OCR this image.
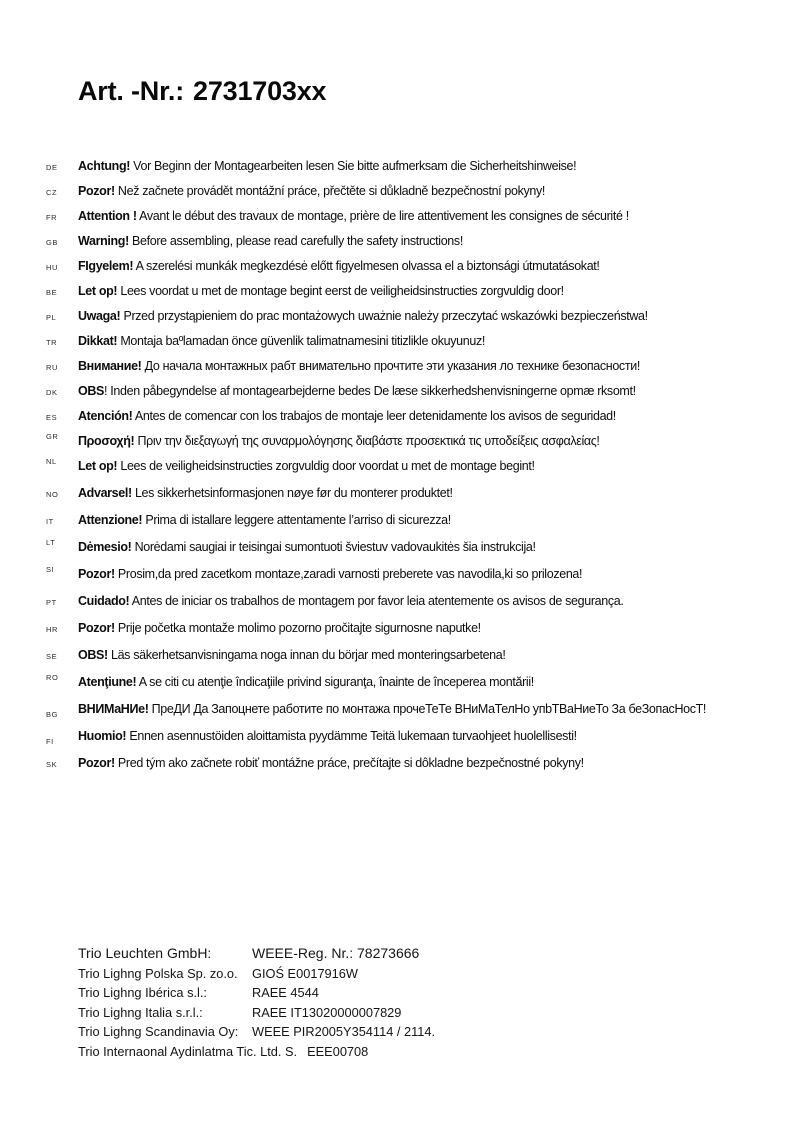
Art. -Nr.: 2731703xx
DE	Achtung! Vor Beginn der Montagearbeiten lesen Sie bitte aufmerksam die Sicherheitshinweise!

CZ	Pozor! Než začnete provádět montážní práce, přečtěte si důkladně bezpečnostní pokyny!

FR	Attention ! Avant le début des travaux de montage, prière de lire attentivement les consignes de sécurité !

GB	Warning! Before assembling, please read carefully the safety instructions!

HU	FIgyelem! A szerelési munkák megkezdésė előtt figyelmesen olvassa el a biztonsági útmutatásokat!

BE	Let op! Lees voordat u met de montage begint eerst de veiligheidsinstructies zorgvuldig door!

PL	Uwaga! Przed przystąpieniem do prac montażowych uważnie należy przeczytać wskazówki bezpieczeństwa!

TR	Dikkat! Montaja baºlamadan önce güvenlik talimatnamesini titizlikle okuyunuz!

RU	Внимание! До начала монтажных рабт внимательно прочтите эти указания ло технике безопасности!

DK	OBS! Inden påbegyndelse af montagearbejderne bedes De læse sikkerhedshenvisningerne opmæ rksomt!

ES	Atención! Antes de comencar con los trabajos de montaje leer detenidamente los avisos de seguridad!

GR	Προσοχή! Πριν την διεξαγωγή της συναρμολόγησης διαβάστε προσεκτικά τις υποδείξεις ασφαλείας!

NL	Let op! Lees de veiligheidsinstructies zorgvuldig door voordat u met de montage begint!

NO	Advarsel! Les sikkerhetsinformasjonen nøye før du monterer produktet!

IT	Attenzione! Prima di istallare leggere attentamente l’arriso di sicurezza!

LT	Dėmesio! Norėdami saugiai ir teisingai sumontuoti šviestuv vadovaukitės šia instrukcija!

SI	Pozor! Prosim,da pred zacetkom montaze,zaradi varnosti preberete vas navodila,ki so prilozena!

PT	Cuidado! Antes de iniciar os trabalhos de montagem por favor leia atentemente os avisos de segurança.

HR	Pozor! Prije početka montaže molimo pozorno pročitajte sigurnosne naputke!

SE	OBS! Läs säkerhetsanvisningama noga innan du börjar med monteringsarbetena!

RO	Atenţiune! A se citi cu atenţie îndicaţiile privind siguranţa, înainte de începerea montării!

BG	ВНИМаНИе! ПреДИ Да Запоцнете работите по монтажа прочеТеТе ВНиМаТелНо упbТВаНиеТо За беЗопасНосТ!

FI	Huomio! Ennen asennustöiden aloittamista pyydämme Teitä lukemaan turvaohjeet huolellisesti!

SK	Pozor! Pred tým ako začnete robiť montážne práce, prečítajte si dôkladne bezpečnostné pokyny!

Trio Leuchten GmbH:	WEEE-Reg. Nr.: 78273666
Trio Lighng Polska Sp. zo.o.	GIOŚ E0017916W
Trio Lighng Ibérica s.l.:	RAEE 4544
Trio Lighng Italia s.r.l.:	RAEE IT13020000007829
Trio Lighng Scandinavia Oy:	WEEE PIR2005Y354114 / 2114.
Trio Internaonal Aydinlatma Tic. Ltd. S. EEE00708
